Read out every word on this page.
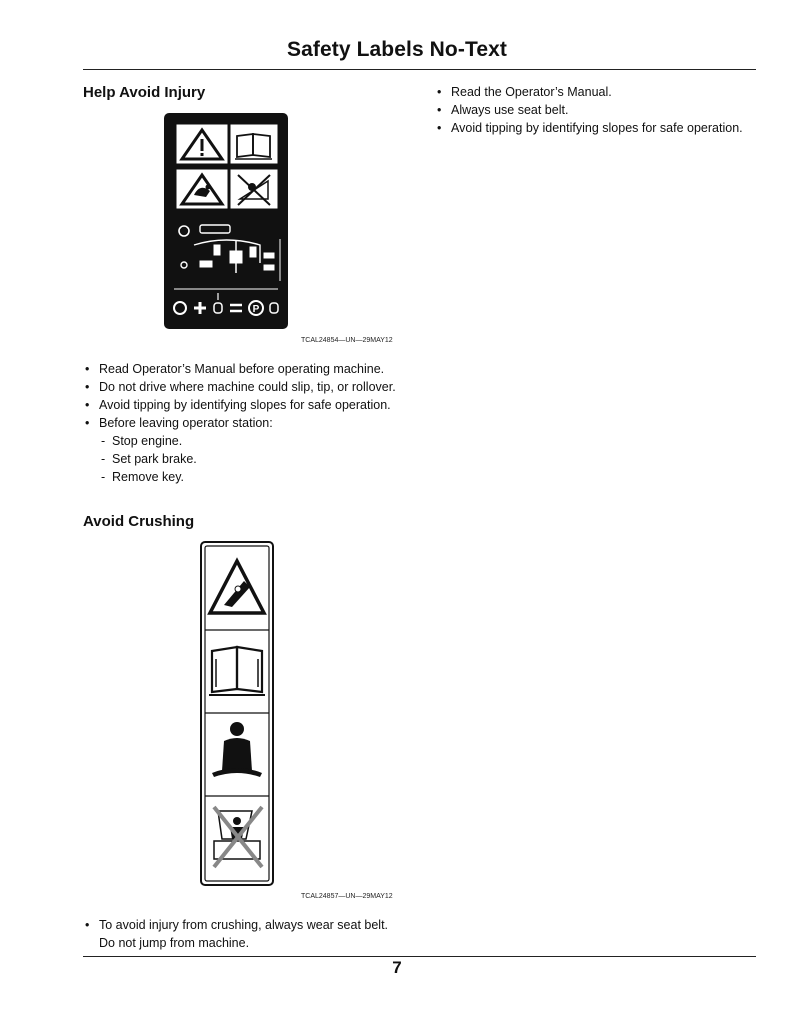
Safety Labels No-Text
Help Avoid Injury
P
TCAL24854—UN—29MAY12
• Read Operator’s Manual before operating machine.
• Do not drive where machine could slip, tip, or rollover.
• Avoid tipping by identifying slopes for safe operation.
• Before leaving operator station:
- Stop engine.
- Set park brake.
- Remove key.
• Read the Operator’s Manual.
• Always use seat belt.
• Avoid tipping by identifying slopes for safe operation.
Avoid Crushing
TCAL24857—UN—29MAY12
• To avoid injury from crushing, always wear seat belt.
Do not jump from machine.
7
